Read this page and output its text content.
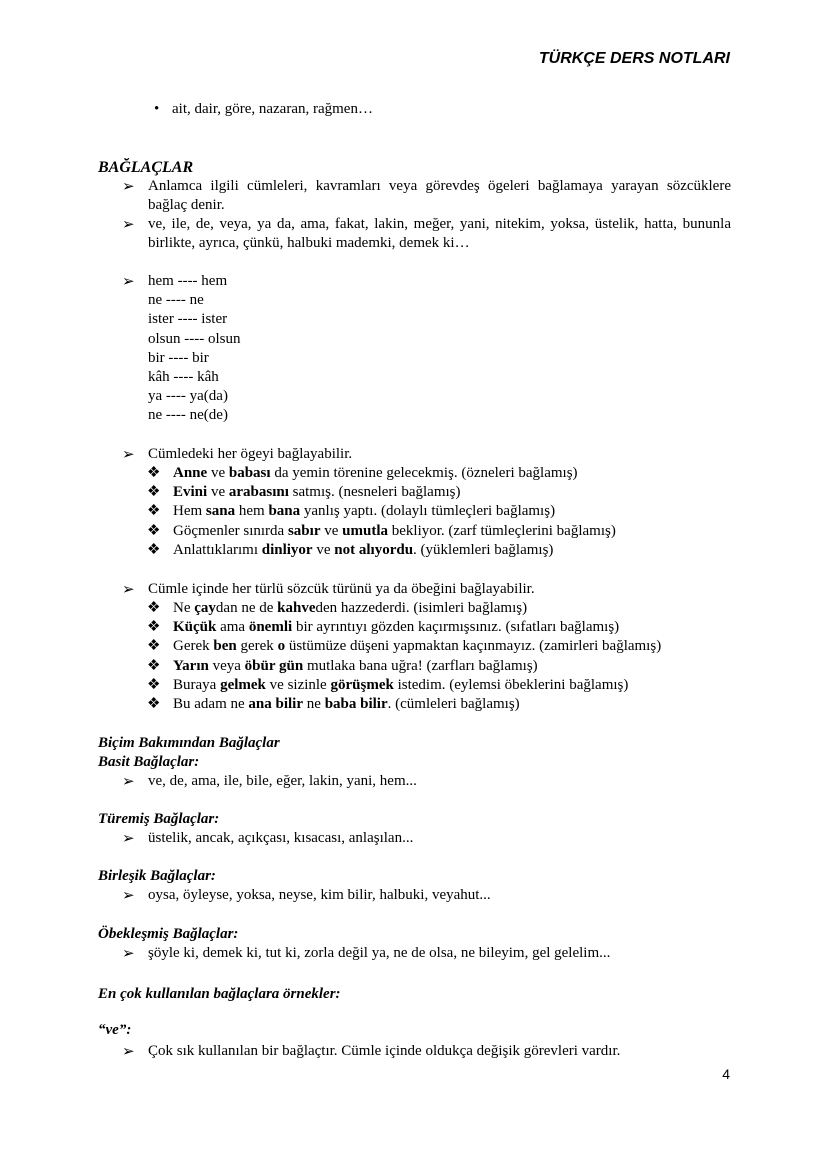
TÜRKÇE DERS NOTLARI
• ait, dair, göre, nazaran, rağmen…
BAĞLAÇLAR
➢ Anlamca ilgili cümleleri, kavramları veya görevdeş ögeleri bağlamaya yarayan sözcüklere bağlaç denir.
➢ ve, ile, de, veya, ya da, ama, fakat, lakin, meğer, yani, nitekim, yoksa, üstelik, hatta, bununla birlikte, ayrıca, çünkü, halbuki mademki, demek ki…
➢ hem ---- hem
ne ---- ne
ister ---- ister
olsun ---- olsun
bir ---- bir
kâh ---- kâh
ya ---- ya(da)
ne ---- ne(de)
➢ Cümledeki her ögeyi bağlayabilir.
❖ Anne ve babası da yemin törenine gelecekmiş. (özneleri bağlamış)
❖ Evini ve arabasını satmış. (nesneleri bağlamış)
❖ Hem sana hem bana yanlış yaptı. (dolaylı tümleçleri bağlamış)
❖ Göçmenler sınırda sabır ve umutla bekliyor. (zarf tümleçlerini bağlamış)
❖ Anlattıklarımı dinliyor ve not alıyordu. (yüklemleri bağlamış)
➢ Cümle içinde her türlü sözcük türünü ya da öbeğini bağlayabilir.
❖ Ne çaydan ne de kahveden hazzederdi. (isimleri bağlamış)
❖ Küçük ama önemli bir ayrıntıyı gözden kaçırmışsınız. (sıfatları bağlamış)
❖ Gerek ben gerek o üstümüze düşeni yapmaktan kaçınmayız. (zamirleri bağlamış)
❖ Yarın veya öbür gün mutlaka bana uğra! (zarfları bağlamış)
❖ Buraya gelmek ve sizinle görüşmek istedim. (eylemsi öbeklerini bağlamış)
❖ Bu adam ne ana bilir ne baba bilir. (cümleleri bağlamış)
Biçim Bakımından Bağlaçlar
Basit Bağlaçlar:
➢ ve, de, ama, ile, bile, eğer, lakin, yani, hem...
Türemiş Bağlaçlar:
➢ üstelik, ancak, açıkçası, kısacası, anlaşılan...
Birleşik Bağlaçlar:
➢ oysa, öyleyse, yoksa, neyse, kim bilir, halbuki, veyahut...
Öbekleşmiş Bağlaçlar:
➢ şöyle ki, demek ki, tut ki, zorla değil ya, ne de olsa, ne bileyim, gel gelelim...
En çok kullanılan bağlaçlara örnekler:
“ve”:
➢ Çok sık kullanılan bir bağlaçtır. Cümle içinde oldukça değişik görevleri vardır.
4
